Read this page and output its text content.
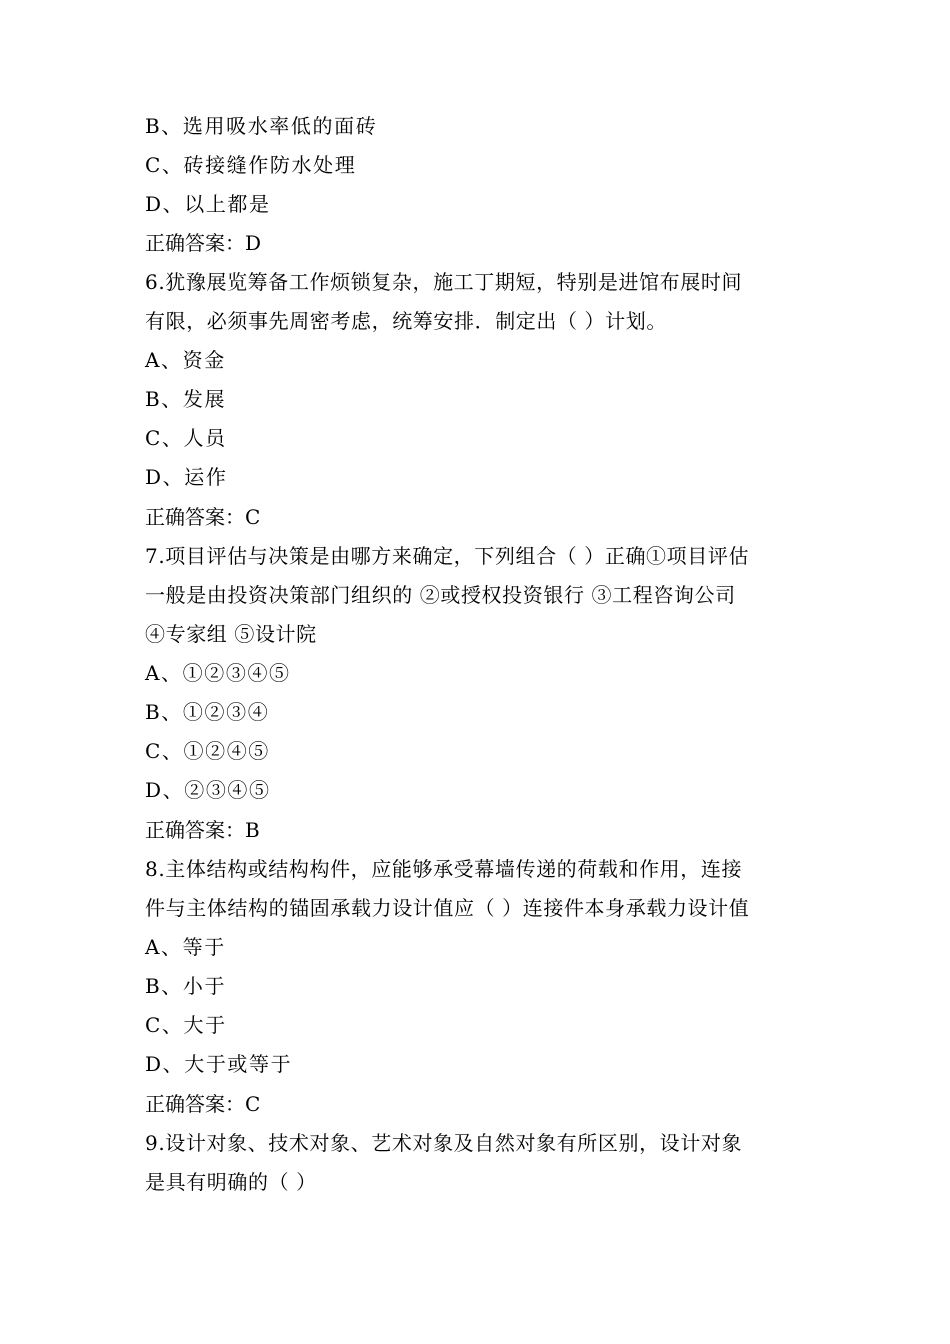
B、选用吸水率低的面砖
C、砖接缝作防水处理
D、以上都是
正确答案：D
6.犹豫展览筹备工作烦锁复杂，施工丁期短，特别是进馆布展时间
有限，必须事先周密考虑，统筹安排．制定出（ ）计划。
A、资金
B、发展
C、人员
D、运作
正确答案：C
7.项目评估与决策是由哪方来确定，下列组合（ ）正确①项目评估
一般是由投资决策部门组织的 ②或授权投资银行 ③工程咨询公司
④专家组 ⑤设计院
A、①②③④⑤
B、①②③④
C、①②④⑤
D、②③④⑤
正确答案：B
8.主体结构或结构构件，应能够承受幕墙传递的荷载和作用，连接
件与主体结构的锚固承载力设计值应（ ）连接件本身承载力设计值
A、等于
B、小于
C、大于
D、大于或等于
正确答案：C
9.设计对象、技术对象、艺术对象及自然对象有所区别，设计对象
是具有明确的（ ）
